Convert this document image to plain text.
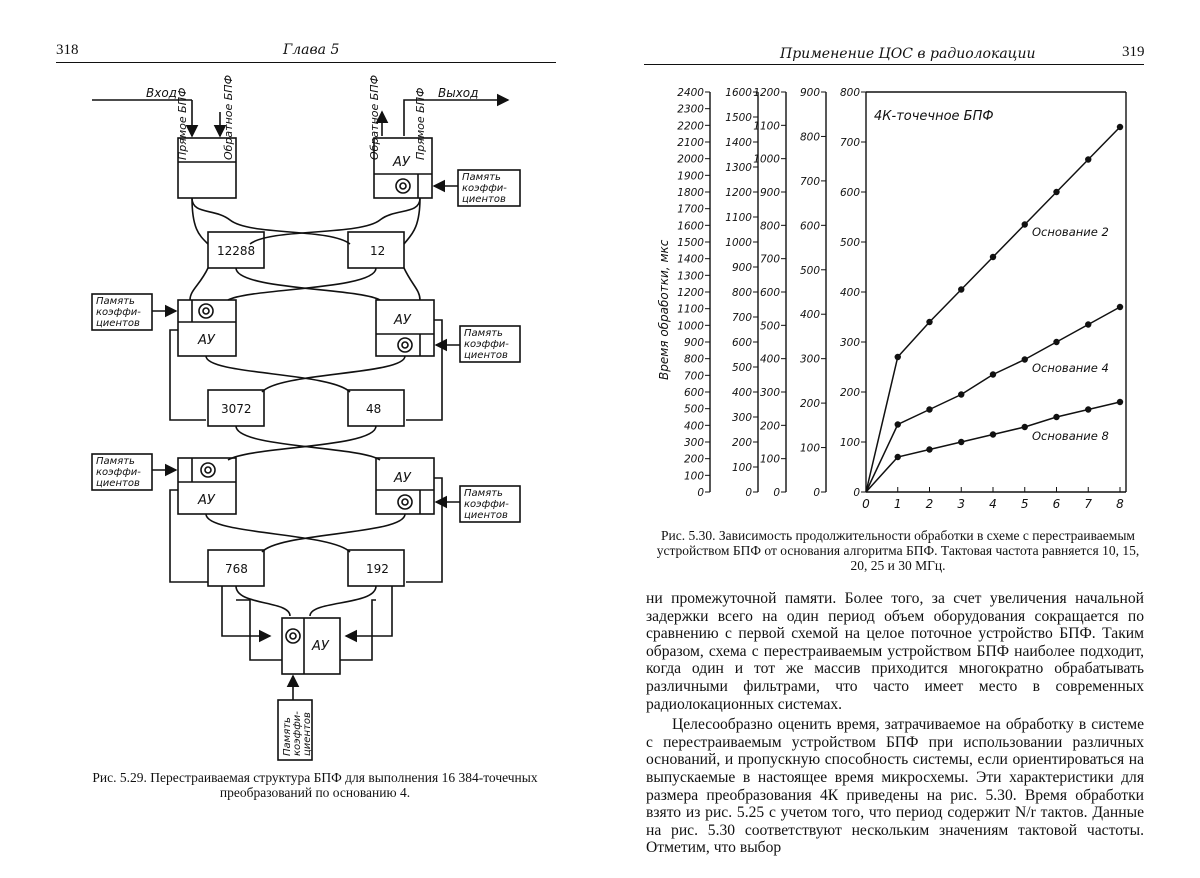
318	Глава 5
Вход	Выход
Прямое БПФ	Обратное БПФ	Обратное БПФ	Прямое БПФ
АУ
АУ
АУ
АУ
АУ
АУ
12288	12
3072	48
768	192
Память
коэффи-
циентов
Память
коэффи-
циентов
Память
коэффи-
циентов
Память
коэффи-
циентов
Память
коэффи-
циентов
Память коэффи- циентов
Рис. 5.29. Перестраиваемая структура БПФ для выполнения 16 384-точечных преобразований по основанию 4.
Применение ЦОС в радиолокации	319
2400
2300
2200
2100
2000
1900
1800
1700
1600
1500
1400
1300
1200
1100
1000
900
800
700
600
500
400
300
200
100
0
1600
1500
1400
1300
1200
1100
1000
900
800
700
600
500
400
300
200
100
0
1200
1100
1000
900
800
700
600
500
400
300
200
100
0
900
800
700
600
500
400
300
200
100
0
800
700
600
500
400
300
200
100
0
0 1 2 3 4 5 6 7 8
Время обработки, мкс
4К-точечное БПФ
Основание 2
Основание 4
Основание 8
Рис. 5.30. Зависимость продолжительности обработки в схеме с перестраиваемым устройством БПФ от основания алгоритма БПФ. Тактовая частота равняется 10, 15, 20, 25 и 30 МГц.

ни промежуточной памяти. Более того, за счет увеличения начальной задержки всего на один период объем оборудования сокращается по сравнению с первой схемой на целое поточное устройство БПФ. Таким образом, схема с перестраиваемым устройством БПФ наиболее подходит, когда один и тот же массив приходится многократно обрабатывать различными фильтрами, что часто имеет место в современных радиолокационных системах.

Целесообразно оценить время, затрачиваемое на обработку в системе с перестраиваемым устройством БПФ при использовании различных оснований, и пропускную способность системы, если ориентироваться на выпускаемые в настоящее время микросхемы. Эти характеристики для размера преобразования 4К приведены на рис. 5.30. Время обработки взято из рис. 5.25 с учетом того, что период содержит N/r тактов. Данные на рис. 5.30 соответствуют нескольким значениям тактовой частоты. Отметим, что выбор
